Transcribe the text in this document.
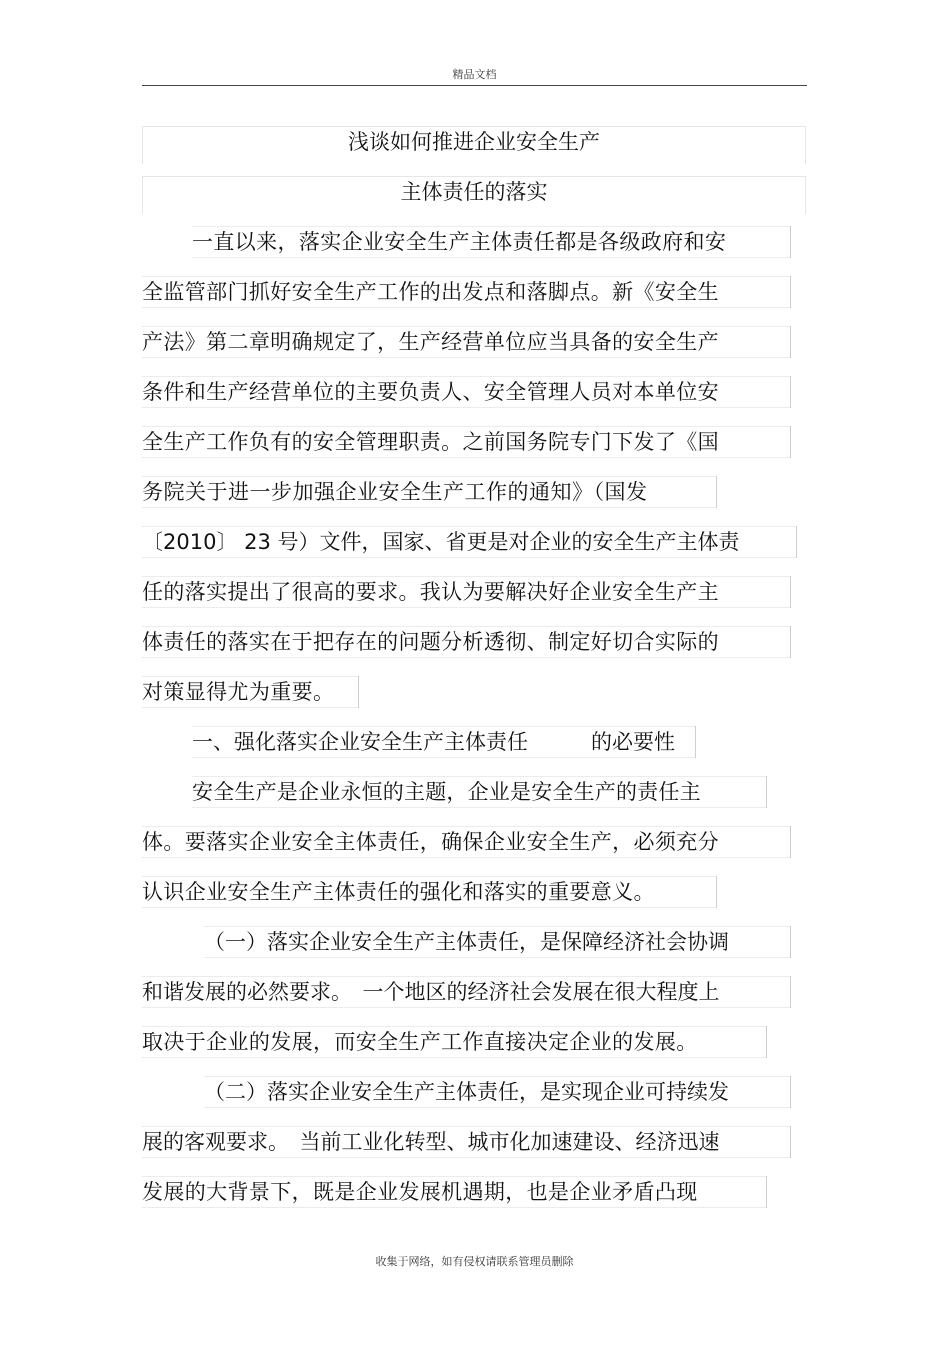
精品文档
浅谈如何推进企业安全生产
主体责任的落实
一直以来，落实企业安全生产主体责任都是各级政府和安
全监管部门抓好安全生产工作的出发点和落脚点。新《安全生
产法》第二章明确规定了，生产经营单位应当具备的安全生产
条件和生产经营单位的主要负责人、安全管理人员对本单位安
全生产工作负有的安全管理职责。之前国务院专门下发了《国
务院关于进一步加强企业安全生产工作的通知》（国发
〔2010〕 23 号）文件，国家、省更是对企业的安全生产主体责
任的落实提出了很高的要求。我认为要解决好企业安全生产主
体责任的落实在于把存在的问题分析透彻、制定好切合实际的
对策显得尤为重要。
一、强化落实企业安全生产主体责任　　　的必要性
安全生产是企业永恒的主题，企业是安全生产的责任主
体。要落实企业安全主体责任，确保企业安全生产，必须充分
认识企业安全生产主体责任的强化和落实的重要意义。
（一）落实企业安全生产主体责任，是保障经济社会协调
和谐发展的必然要求。　一个地区的经济社会发展在很大程度上
取决于企业的发展，而安全生产工作直接决定企业的发展。
（二）落实企业安全生产主体责任，是实现企业可持续发
展的客观要求。　当前工业化转型、城市化加速建设、经济迅速
发展的大背景下，既是企业发展机遇期，也是企业矛盾凸现
收集于网络，如有侵权请联系管理员删除
